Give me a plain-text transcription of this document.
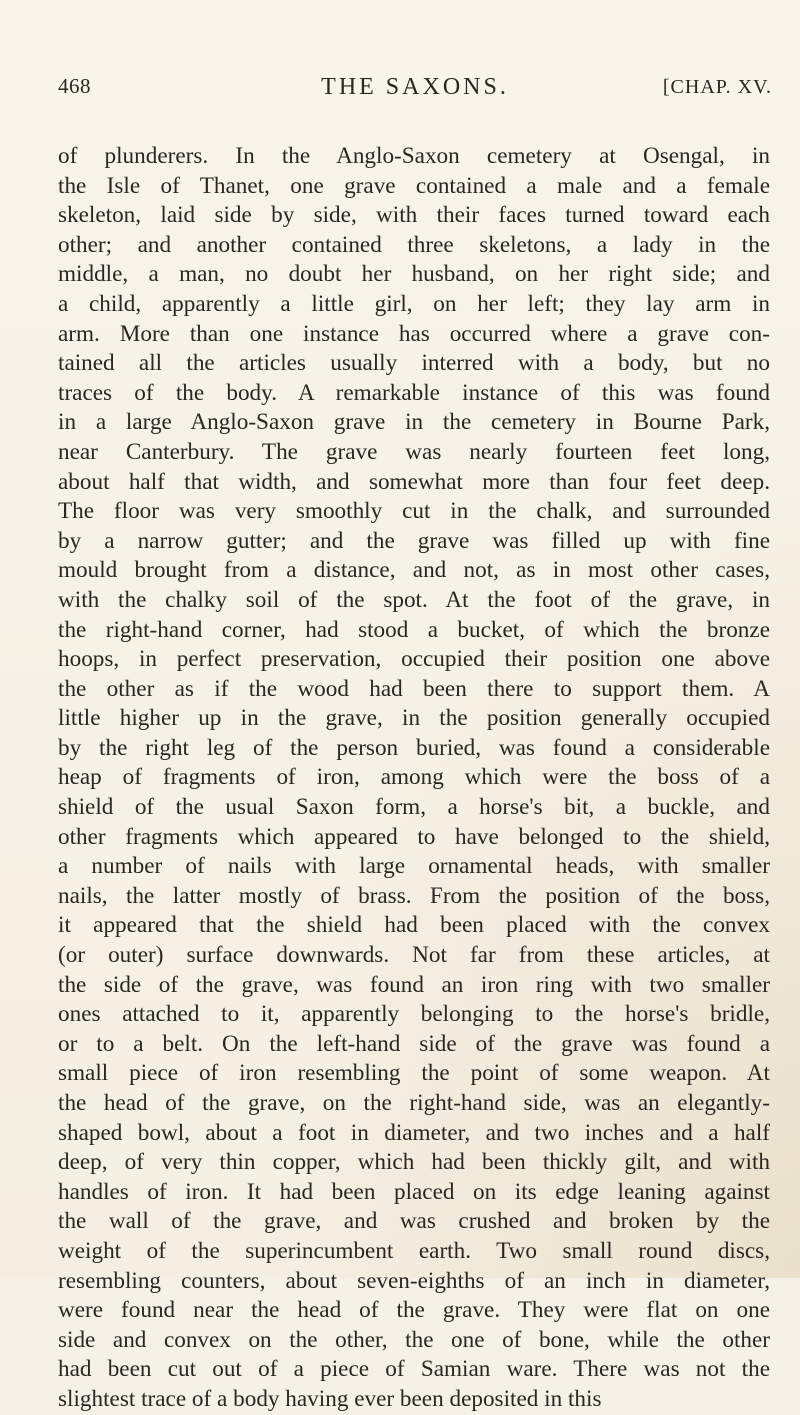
468	THE SAXONS.	[CHAP. XV.
of plunderers. In the Anglo-Saxon cemetery at Osengal, in
the Isle of Thanet, one grave contained a male and a female
skeleton, laid side by side, with their faces turned toward each
other; and another contained three skeletons, a lady in the
middle, a man, no doubt her husband, on her right side; and
a child, apparently a little girl, on her left; they lay arm in
arm. More than one instance has occurred where a grave con-
tained all the articles usually interred with a body, but no
traces of the body. A remarkable instance of this was found
in a large Anglo-Saxon grave in the cemetery in Bourne Park,
near Canterbury. The grave was nearly fourteen feet long,
about half that width, and somewhat more than four feet deep.
The floor was very smoothly cut in the chalk, and surrounded
by a narrow gutter; and the grave was filled up with fine
mould brought from a distance, and not, as in most other cases,
with the chalky soil of the spot. At the foot of the grave, in
the right-hand corner, had stood a bucket, of which the bronze
hoops, in perfect preservation, occupied their position one above
the other as if the wood had been there to support them. A
little higher up in the grave, in the position generally occupied
by the right leg of the person buried, was found a considerable
heap of fragments of iron, among which were the boss of a
shield of the usual Saxon form, a horse's bit, a buckle, and
other fragments which appeared to have belonged to the shield,
a number of nails with large ornamental heads, with smaller
nails, the latter mostly of brass. From the position of the boss,
it appeared that the shield had been placed with the convex
(or outer) surface downwards. Not far from these articles, at
the side of the grave, was found an iron ring with two smaller
ones attached to it, apparently belonging to the horse's bridle,
or to a belt. On the left-hand side of the grave was found a
small piece of iron resembling the point of some weapon. At
the head of the grave, on the right-hand side, was an elegantly-
shaped bowl, about a foot in diameter, and two inches and a half
deep, of very thin copper, which had been thickly gilt, and with
handles of iron. It had been placed on its edge leaning against
the wall of the grave, and was crushed and broken by the
weight of the superincumbent earth. Two small round discs,
resembling counters, about seven-eighths of an inch in diameter,
were found near the head of the grave. They were flat on one
side and convex on the other, the one of bone, while the other
had been cut out of a piece of Samian ware. There was not the
slightest trace of a body having ever been deposited in this
